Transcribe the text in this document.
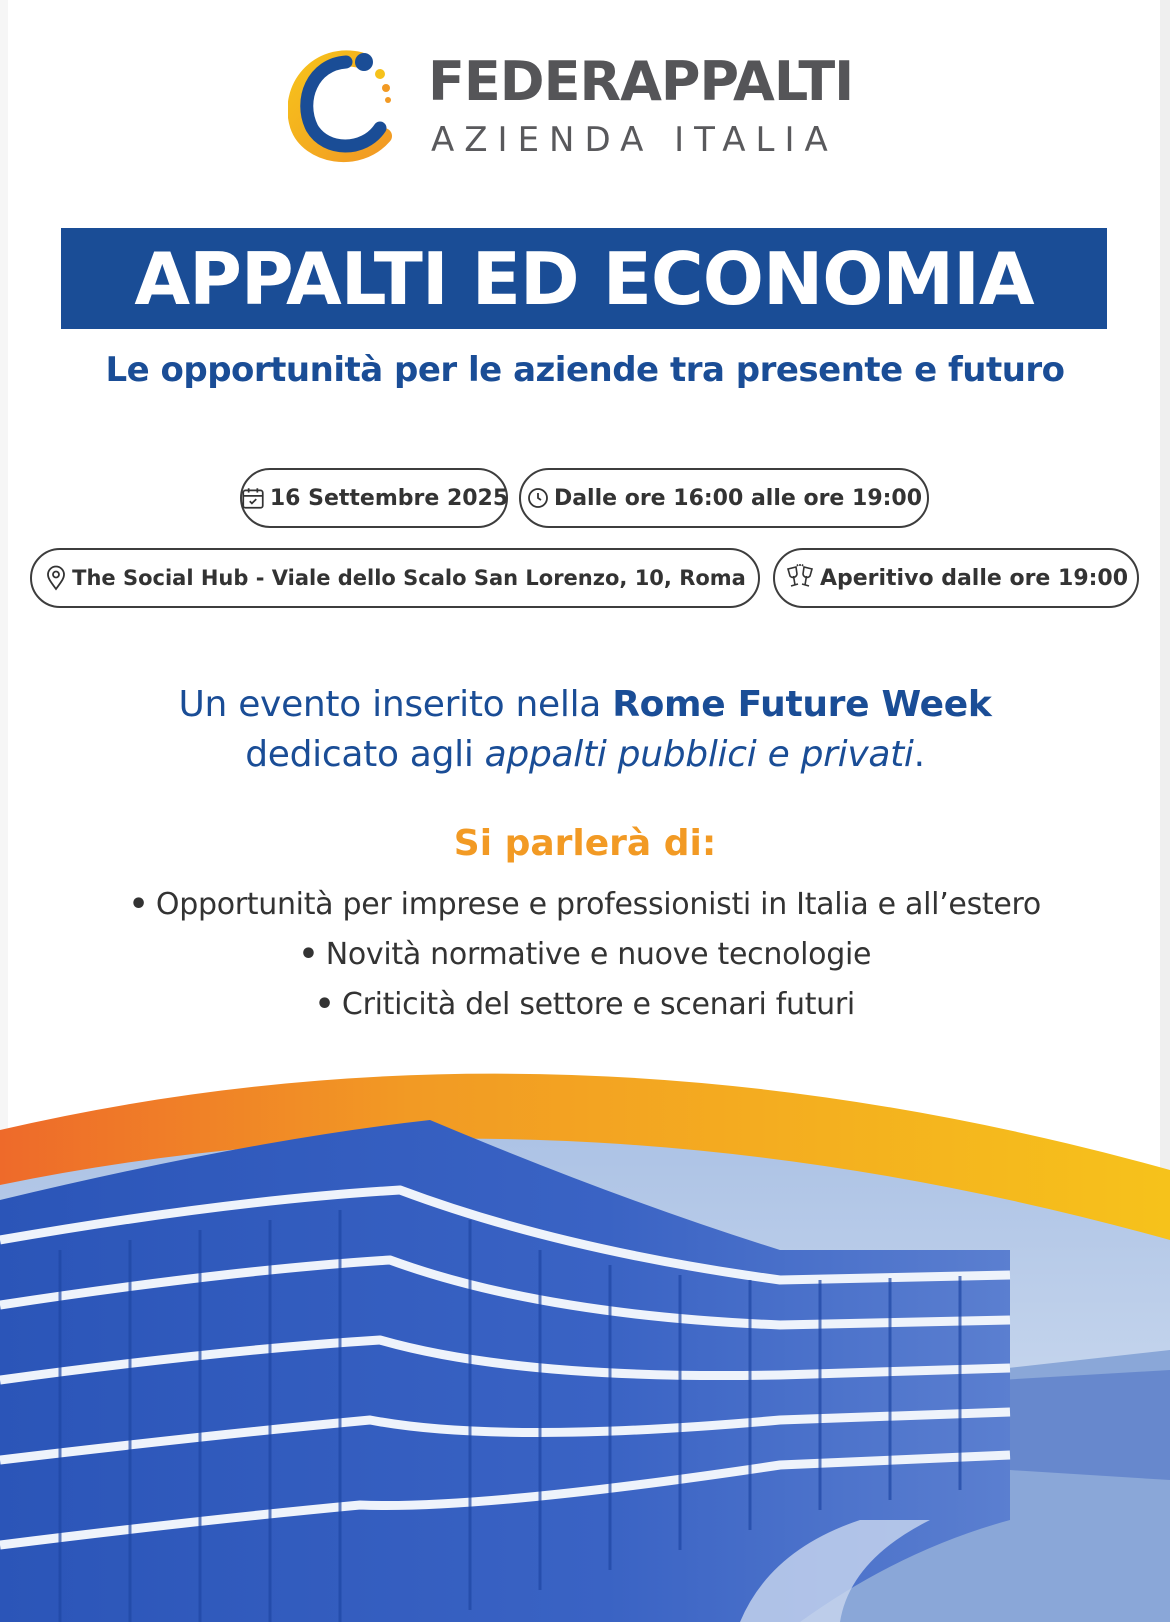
FEDERAPPALTI
AZIENDA ITALIA
APPALTI ED ECONOMIA
Le opportunità per le aziende tra presente e futuro
16 Settembre 2025 Dalle ore 16:00 alle ore 19:00
The Social Hub - Viale dello Scalo San Lorenzo, 10, Roma	Aperitivo dalle ore 19:00
Un evento inserito nella Rome Future Week
dedicato agli appalti pubblici e privati.
Si parlerà di:
• Opportunità per imprese e professionisti in Italia e all’estero
• Novità normative e nuove tecnologie
• Criticità del settore e scenari futuri
